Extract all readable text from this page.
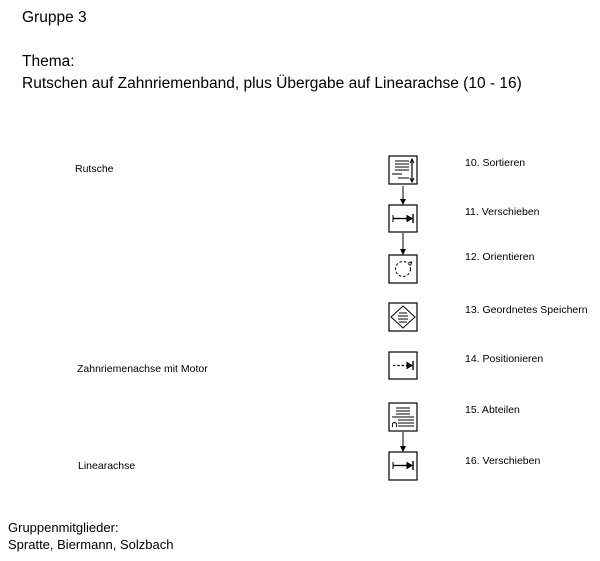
Gruppe 3
Thema:
Rutschen auf Zahnriemenband, plus Übergabe auf Linearachse (10 - 16)
Rutsche
Zahnriemenachse mit Motor
Linearachse
10. Sortieren
11. Verschieben
12. Orientieren
13. Geordnetes Speichern
14. Positionieren
15. Abteilen
16. Verschieben
Gruppenmitglieder:
Spratte, Biermann, Solzbach
